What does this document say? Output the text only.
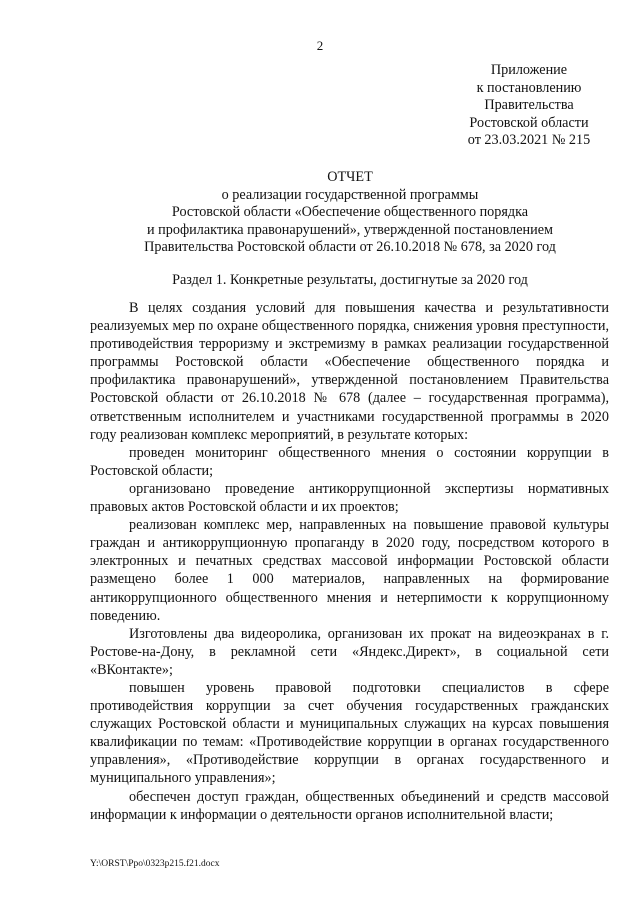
2
Приложение
к постановлению
Правительства
Ростовской области
от 23.03.2021 № 215
ОТЧЕТ
о реализации государственной программы
Ростовской области «Обеспечение общественного порядка
и профилактика правонарушений», утвержденной постановлением
Правительства Ростовской области от 26.10.2018 № 678, за 2020 год
Раздел 1. Конкретные результаты, достигнутые за 2020 год

В целях создания условий для повышения качества и результативности реализуемых мер по охране общественного порядка, снижения уровня преступности, противодействия терроризму и экстремизму в рамках реализации государственной программы Ростовской области «Обеспечение общественного порядка и профилактика правонарушений», утвержденной постановлением Правительства Ростовской области от 26.10.2018 № 678 (далее – государственная программа), ответственным исполнителем и участниками государственной программы в 2020 году реализован комплекс мероприятий, в результате которых:

проведен мониторинг общественного мнения о состоянии коррупции в Ростовской области;

организовано проведение антикоррупционной экспертизы нормативных правовых актов Ростовской области и их проектов;

реализован комплекс мер, направленных на повышение правовой культуры граждан и антикоррупционную пропаганду в 2020 году, посредством которого в электронных и печатных средствах массовой информации Ростовской области размещено более 1 000 материалов, направленных на формирование антикоррупционного общественного мнения и нетерпимости к коррупционному поведению.

Изготовлены два видеоролика, организован их прокат на видеоэкранах в г. Ростове-на-Дону, в рекламной сети «Яндекс.Директ», в социальной сети «ВКонтакте»;

повышен уровень правовой подготовки специалистов в сфере противодействия коррупции за счет обучения государственных гражданских служащих Ростовской области и муниципальных служащих на курсах повышения квалификации по темам: «Противодействие коррупции в органах государственного управления», «Противодействие коррупции в органах государственного и муниципального управления»;

обеспечен доступ граждан, общественных объединений и средств массовой информации к информации о деятельности органов исполнительной власти;

Y:\ORST\Ppo\0323p215.f21.docx
